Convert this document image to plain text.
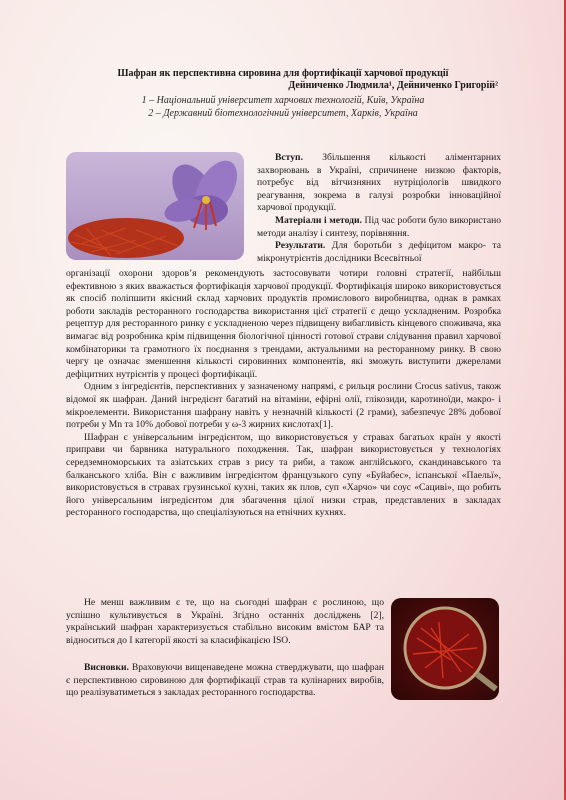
Шафран як перспективна сировина для фортифікації харчової продукції
Дейниченко Людмила¹, Дейниченко Григорій²
1 – Національний університет харчових технологій, Київ, Україна
2 – Державний біотехнологічний університет, Харків, Україна

Вступ. Збільшення кількості аліментарних захворювань в Україні, спричинене низкою факторів, потребує від вітчизняних нутріціологів швидкого реагування, зокрема в галузі розробки інноваційної харчової продукції.

Матеріали і методи. Під час роботи було використано методи аналізу і синтезу, порівняння.

Результати. Для боротьби з дефіцитом макро- та мікронутрієнтів дослідники Всесвітньої

організації охорони здоров’я рекомендують застосовувати чотири головні стратегії, найбільш ефективною з яких вважається фортифікація харчової продукції. Фортифікація широко використовується як спосіб поліпшити якісний склад харчових продуктів промислового виробництва, однак в рамках роботи закладів ресторанного господарства використання цієї стратегії є дещо ускладненим. Розробка рецептур для ресторанного ринку є ускладненою через підвищену вибагливість кінцевого споживача, яка вимагає від розробника крім підвищення біологічної цінності готової страви слідування правил харчової комбінаторики та грамотного їх поєднання з трендами, актуальними на ресторанному ринку. В свою чергу це означає зменшення кількості сировинних компонентів, які зможуть виступити джерелами дефіцитних нутрієнтів у процесі фортифікації.

Одним з інгредієнтів, перспективних у зазначеному напрямі, є рильця рослини Crocus sativus, також відомої як шафран. Даний інгредієнт багатий на вітаміни, ефірні олії, глікозиди, каротиноїди, макро- і мікроелементи. Використання шафрану навіть у незначній кількості (2 грами), забезпечує 28% добової потреби у Mn та 10% добової потреби у ω-3 жирних кислотах[1].

Шафран є універсальним інгредієнтом, що використовується у стравах багатьох країн у якості приправи чи барвника натурального походження. Так, шафран використовується у технологіях середземноморських та азіатських страв з рису та риби, а також англійського, скандинавського та балканського хліба. Він є важливим інгредієнтом французького супу «Буйабес», іспанської «Паельї», використовується в стравах грузинської кухні, таких як плов, суп «Харчо» чи соус «Сациві», що робить його універсальним інгредієнтом для збагачення цілої низки страв, представлених в закладах ресторанного господарства, що спеціалізуються на етнічних кухнях.

Не менш важливим є те, що на сьогодні шафран є рослиною, що успішно культивується в Україні. Згідно останніх досліджень [2], український шафран характеризується стабільно високим вмістом БАР та відноситься до І категорії якості за класифікацією ISO.

Висновки. Враховуючи вищенаведене можна стверджувати, що шафран є перспективною сировиною для фортифікації страв та кулінарних виробів, що реалізуватиметься з закладах ресторанного господарства.
